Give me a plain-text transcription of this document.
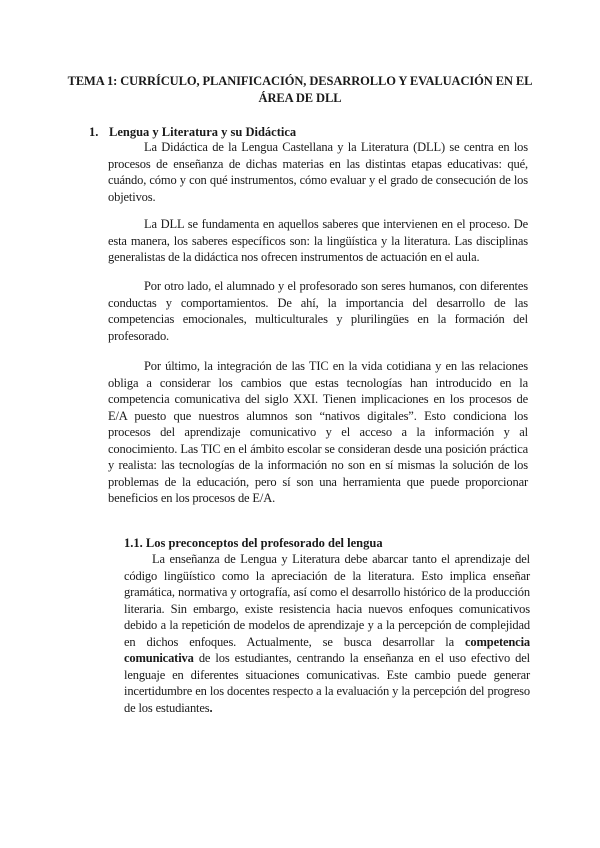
TEMA 1: CURRÍCULO, PLANIFICACIÓN, DESARROLLO Y EVALUACIÓN EN EL ÁREA DE DLL
1. Lengua y Literatura y su Didáctica

La Didáctica de la Lengua Castellana y la Literatura (DLL) se centra en los procesos de enseñanza de dichas materias en las distintas etapas educativas: qué, cuándo, cómo y con qué instrumentos, cómo evaluar y el grado de consecución de los objetivos.

La DLL se fundamenta en aquellos saberes que intervienen en el proceso. De esta manera, los saberes específicos son: la lingüística y la literatura. Las disciplinas generalistas de la didáctica nos ofrecen instrumentos de actuación en el aula.

Por otro lado, el alumnado y el profesorado son seres humanos, con diferentes conductas y comportamientos. De ahí, la importancia del desarrollo de las competencias emocionales, multiculturales y plurilingües en la formación del profesorado.

Por último, la integración de las TIC en la vida cotidiana y en las relaciones obliga a considerar los cambios que estas tecnologías han introducido en la competencia comunicativa del siglo XXI. Tienen implicaciones en los procesos de E/A puesto que nuestros alumnos son “nativos digitales”. Esto condiciona los procesos del aprendizaje comunicativo y el acceso a la información y al conocimiento. Las TIC en el ámbito escolar se consideran desde una posición práctica y realista: las tecnologías de la información no son en sí mismas la solución de los problemas de la educación, pero sí son una herramienta que puede proporcionar beneficios en los procesos de E/A.

1.1. Los preconceptos del profesorado del lengua

La enseñanza de Lengua y Literatura debe abarcar tanto el aprendizaje del código lingüístico como la apreciación de la literatura. Esto implica enseñar gramática, normativa y ortografía, así como el desarrollo histórico de la producción literaria. Sin embargo, existe resistencia hacia nuevos enfoques comunicativos debido a la repetición de modelos de aprendizaje y a la percepción de complejidad en dichos enfoques. Actualmente, se busca desarrollar la competencia comunicativa de los estudiantes, centrando la enseñanza en el uso efectivo del lenguaje en diferentes situaciones comunicativas. Este cambio puede generar incertidumbre en los docentes respecto a la evaluación y la percepción del progreso de los estudiantes.
